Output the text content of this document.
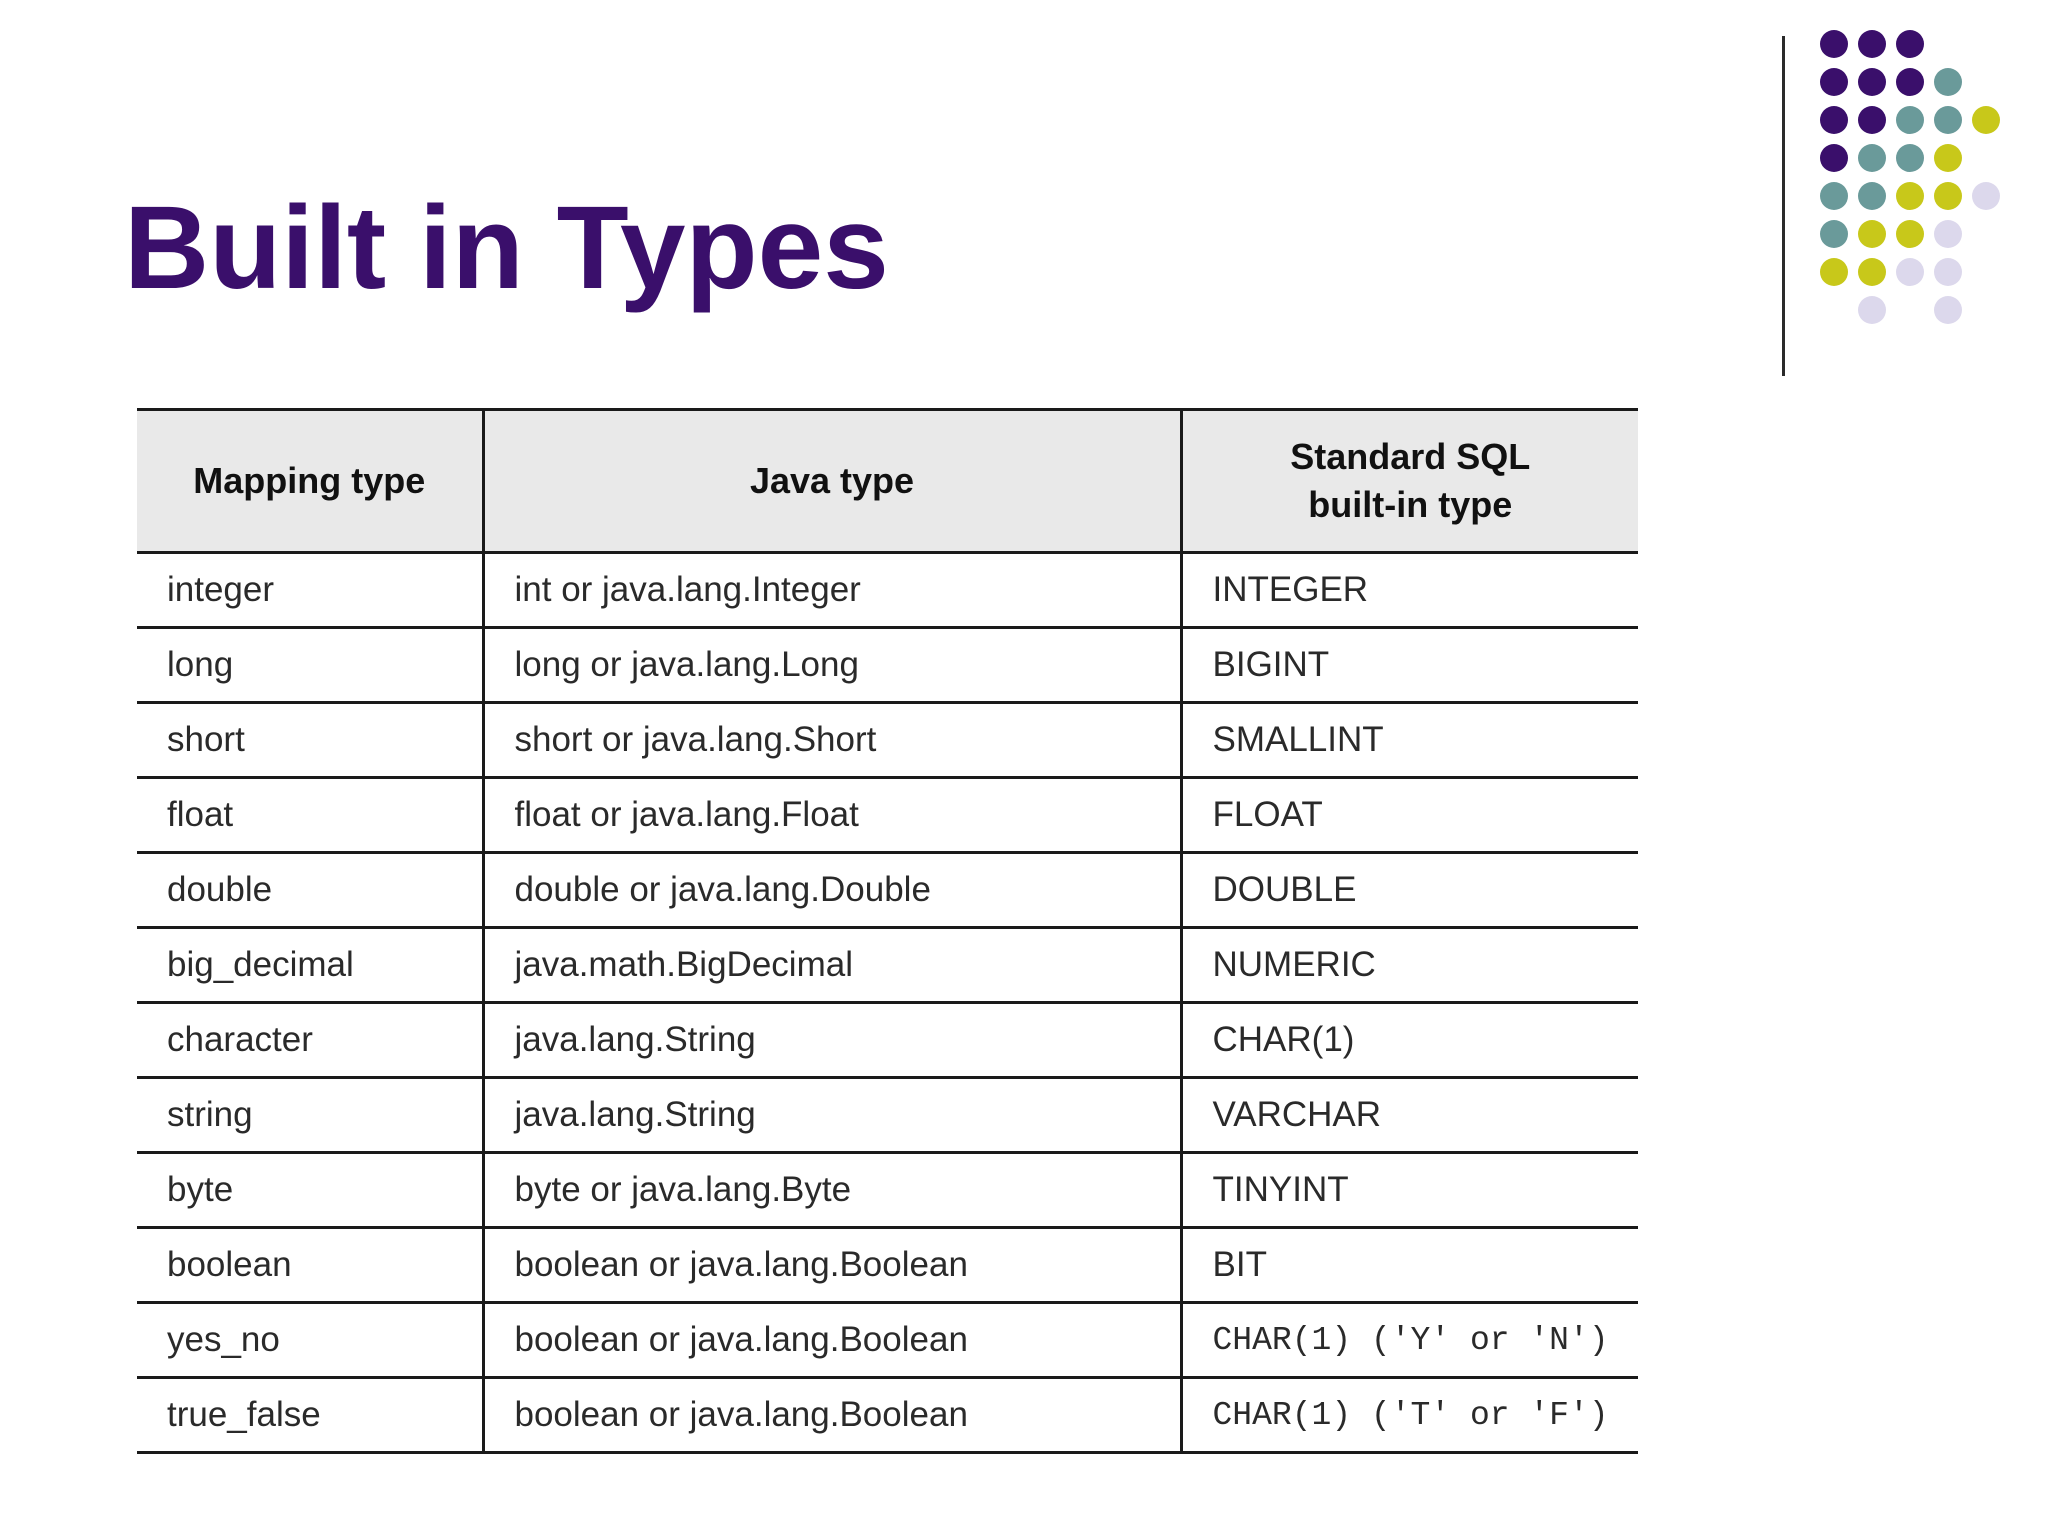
Built in Types
Mapping type	Java type	Standard SQL
built-in type
integer	int or java.lang.Integer	INTEGER
long	long or java.lang.Long	BIGINT
short	short or java.lang.Short	SMALLINT
float	float or java.lang.Float	FLOAT
double	double or java.lang.Double	DOUBLE
big_decimal	java.math.BigDecimal	NUMERIC
character	java.lang.String	CHAR(1)
string	java.lang.String	VARCHAR
byte	byte or java.lang.Byte	TINYINT
boolean	boolean or java.lang.Boolean	BIT
yes_no	boolean or java.lang.Boolean	CHAR(1) ('Y' or 'N')
true_false	boolean or java.lang.Boolean	CHAR(1) ('T' or 'F')
